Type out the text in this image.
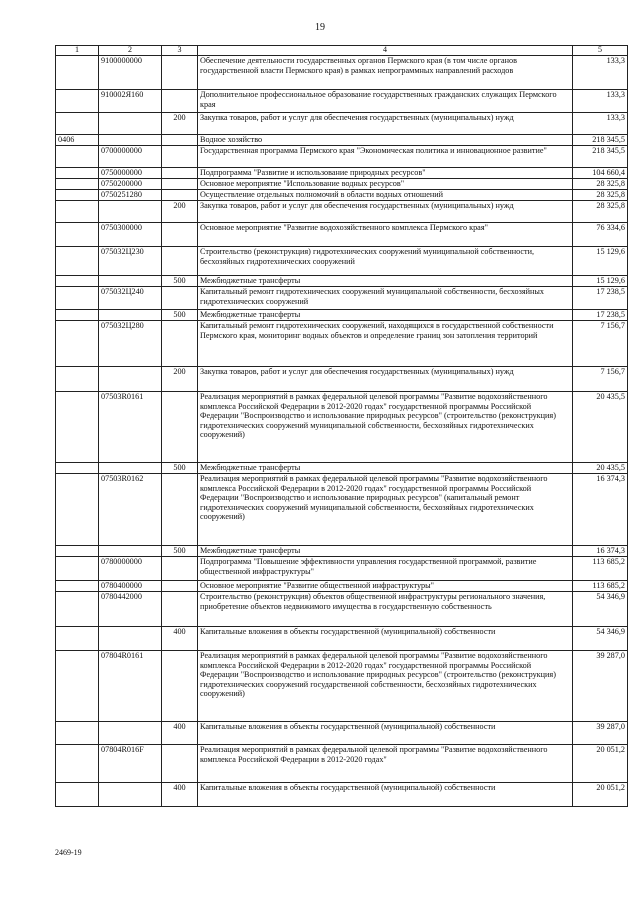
19
1	2	3	4	5
	9100000000		Обеспечение деятельности государственных органов Пермского края (в том числе органов государственной власти Пермского края) в рамках непрограммных направлений расходов	133,3
	910002Я160		Дополнительное профессиональное образование государственных гражданских служащих Пермского края	133,3
		200	Закупка товаров, работ и услуг для обеспечения государственных (муниципальных) нужд	133,3
0406			Водное хозяйство	218 345,5
	0700000000		Государственная программа Пермского края "Экономическая политика и инновационное развитие"	218 345,5
	0750000000		Подпрограмма "Развитие и использование природных ресурсов"	104 660,4
	0750200000		Основное мероприятие "Использование водных ресурсов"	28 325,8
	0750251280		Осуществление отдельных полномочий в области водных отношений	28 325,8
		200	Закупка товаров, работ и услуг для обеспечения государственных (муниципальных) нужд	28 325,8
	0750300000		Основное мероприятие "Развитие водохозяйственного комплекса Пермского края"	76 334,6
	075032Ц230		Строительство (реконструкция) гидротехнических сооружений муниципальной собственности, бесхозяйных гидротехнических сооружений	15 129,6
		500	Межбюджетные трансферты	15 129,6
	075032Ц240		Капитальный ремонт гидротехнических сооружений муниципальной собственности, бесхозяйных гидротехнических сооружений	17 238,5
		500	Межбюджетные трансферты	17 238,5
	075032Ц280		Капитальный ремонт гидротехнических сооружений, находящихся в государственной собственности Пермского края, мониторинг водных объектов и определение границ зон затопления территорий	7 156,7
		200	Закупка товаров, работ и услуг для обеспечения государственных (муниципальных) нужд	7 156,7
	07503R0161		Реализация мероприятий в рамках федеральной целевой программы "Развитие водохозяйственного комплекса Российской Федерации в 2012-2020 годах" государственной программы Российской Федерации "Воспроизводство и использование природных ресурсов" (строительство (реконструкция) гидротехнических сооружений муниципальной собственности, бесхозяйных гидротехнических сооружений)	20 435,5
		500	Межбюджетные трансферты	20 435,5
	07503R0162		Реализация мероприятий в рамках федеральной целевой программы "Развитие водохозяйственного комплекса Российской Федерации в 2012-2020 годах" государственной программы Российской Федерации "Воспроизводство и использование природных ресурсов" (капитальный ремонт гидротехнических сооружений муниципальной собственности, бесхозяйных гидротехнических сооружений)	16 374,3
		500	Межбюджетные трансферты	16 374,3
	0780000000		Подпрограмма "Повышение эффективности управления государственной программой, развитие общественной инфраструктуры"	113 685,2
	0780400000		Основное мероприятие "Развитие общественной инфраструктуры"	113 685,2
	0780442000		Строительство (реконструкция) объектов общественной инфраструктуры регионального значения, приобретение объектов недвижимого имущества в государственную собственность	54 346,9
		400	Капитальные вложения в объекты государственной (муниципальной) собственности	54 346,9
	07804R0161		Реализация мероприятий в рамках федеральной целевой программы "Развитие водохозяйственного комплекса Российской Федерации в 2012-2020 годах" государственной программы Российской Федерации "Воспроизводство и использование природных ресурсов" (строительство (реконструкция) гидротехнических сооружений государственной собственности, бесхозяйных гидротехнических сооружений)	39 287,0
		400	Капитальные вложения в объекты государственной (муниципальной) собственности	39 287,0
	07804R016F		Реализация мероприятий в рамках федеральной целевой программы "Развитие водохозяйственного комплекса Российской Федерации в 2012-2020 годах"	20 051,2
		400	Капитальные вложения в объекты государственной (муниципальной) собственности	20 051,2
2469-19
